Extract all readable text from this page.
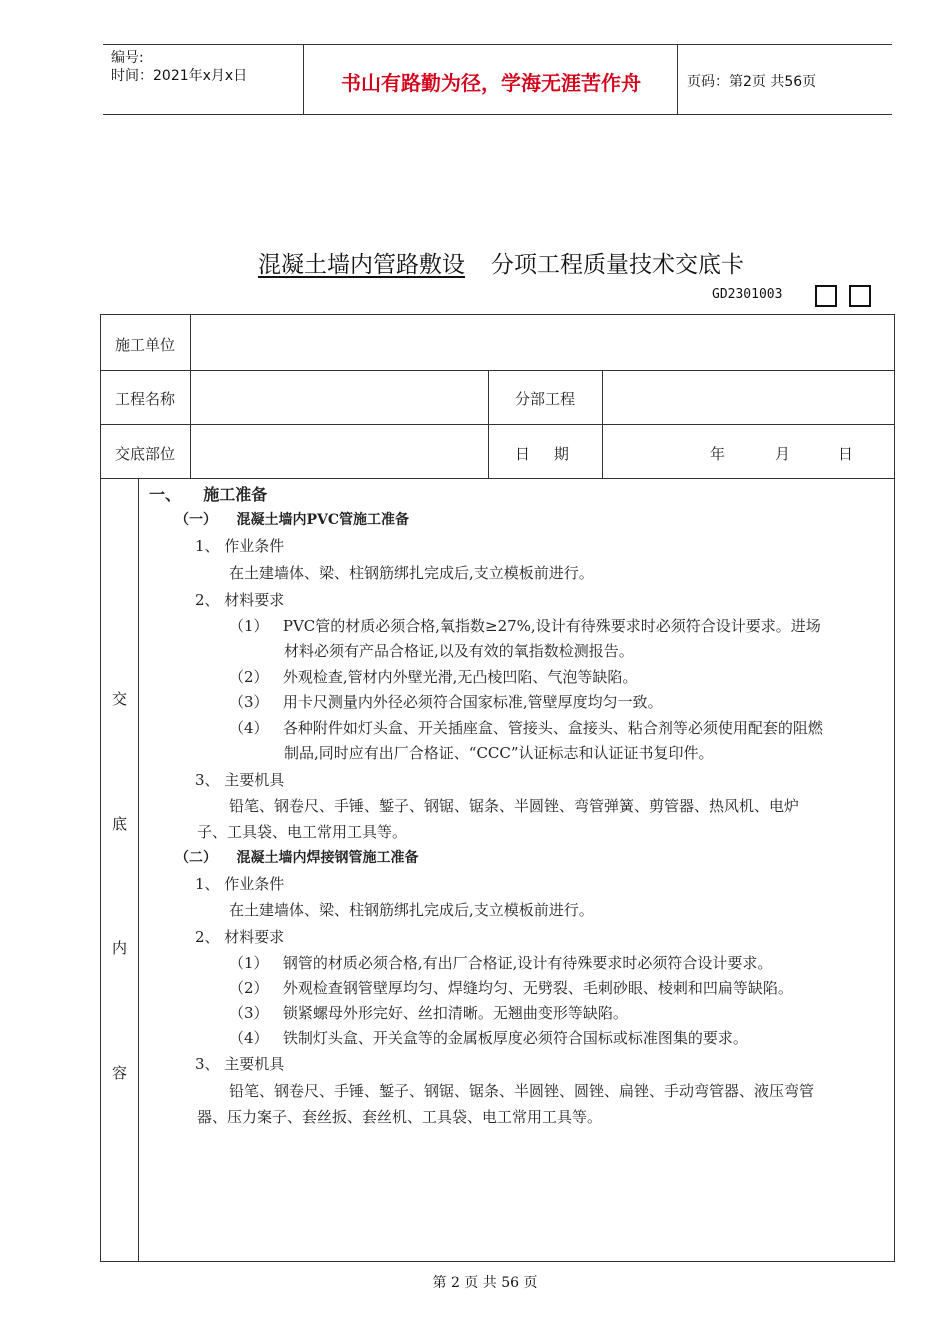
编号:
时间：2021年x月x日	书山有路勤为径，学海无涯苦作舟	页码：第2页 共56页
混凝土墙内管路敷设 分项工程质量技术交底卡
GD2301003
施工单位
工程名称	分部工程
交底部位	日     期	年	月	日
交
底
内
容
一、    施工准备
（一）    混凝土墙内PVC管施工准备
1、 作业条件
在土建墙体、梁、柱钢筋绑扎完成后,支立模板前进行。
2、 材料要求
（1）   PVC管的材质必须合格,氧指数≥27%,设计有待殊要求时必须符合设计要求。进场
材料必须有产品合格证,以及有效的氧指数检测报告。
（2）   外观检查,管材内外壁光滑,无凸棱凹陷、气泡等缺陷。
（3）   用卡尺测量内外径必须符合国家标准,管壁厚度均匀一致。
（4）   各种附件如灯头盒、开关插座盒、管接头、盒接头、粘合剂等必须使用配套的阻燃
制品,同时应有出厂合格证、“CCC”认证标志和认证证书复印件。
3、 主要机具
铅笔、钢卷尺、手锤、錾子、钢锯、锯条、半圆锉、弯管弹簧、剪管器、热风机、电炉
子、工具袋、电工常用工具等。
（二）    混凝土墙内焊接钢管施工准备
1、 作业条件
在土建墙体、梁、柱钢筋绑扎完成后,支立模板前进行。
2、 材料要求
（1）   钢管的材质必须合格,有出厂合格证,设计有待殊要求时必须符合设计要求。
（2）   外观检查钢管壁厚均匀、焊缝均匀、无劈裂、毛刺砂眼、棱刺和凹扁等缺陷。
（3）   锁紧螺母外形完好、丝扣清晰。无翘曲变形等缺陷。
（4）   铁制灯头盒、开关盒等的金属板厚度必须符合国标或标准图集的要求。
3、 主要机具
铅笔、钢卷尺、手锤、錾子、钢锯、锯条、半圆锉、圆锉、扁锉、手动弯管器、液压弯管
器、压力案子、套丝扳、套丝机、工具袋、电工常用工具等。
第 2 页 共 56 页
